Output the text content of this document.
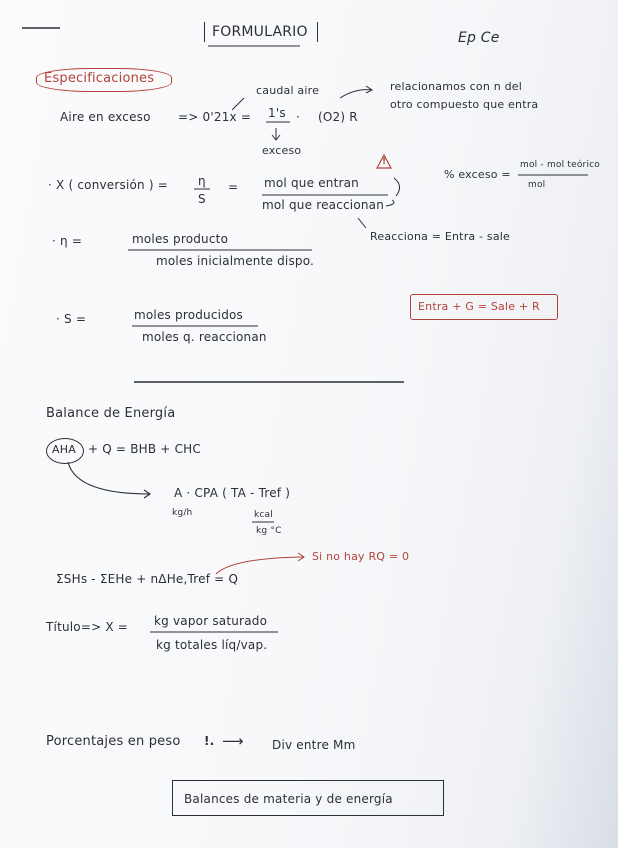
FORMULARIO	Ep Ce
Especificaciones
Aire en exceso => 0'21x =
caudal aire
1's · (O2) R
exceso
relacionamos con n del
otro compuesto que entra
· X ( conversión ) = η
S
= mol que entran
mol que reaccionan
!
Reacciona = Entra - sale
% exceso =
mol - mol teórico
mol
· η =	moles producto
moles inicialmente dispo.
· S =	moles producidos
moles q. reaccionan
Entra + G = Sale + R
Balance de Energía
AHA + Q = BHB + CHC
A · CPA ( TA - Tref )
kg/h	kcal
kg °C
ΣSHs - ΣEHe + nΔHe,Tref = Q
Si no hay RQ = 0
Título=> X = kg vapor saturado
kg totales líq/vap.
Porcentajes en peso !. ⟶ Div entre Mm
Balances de materia y de energía
